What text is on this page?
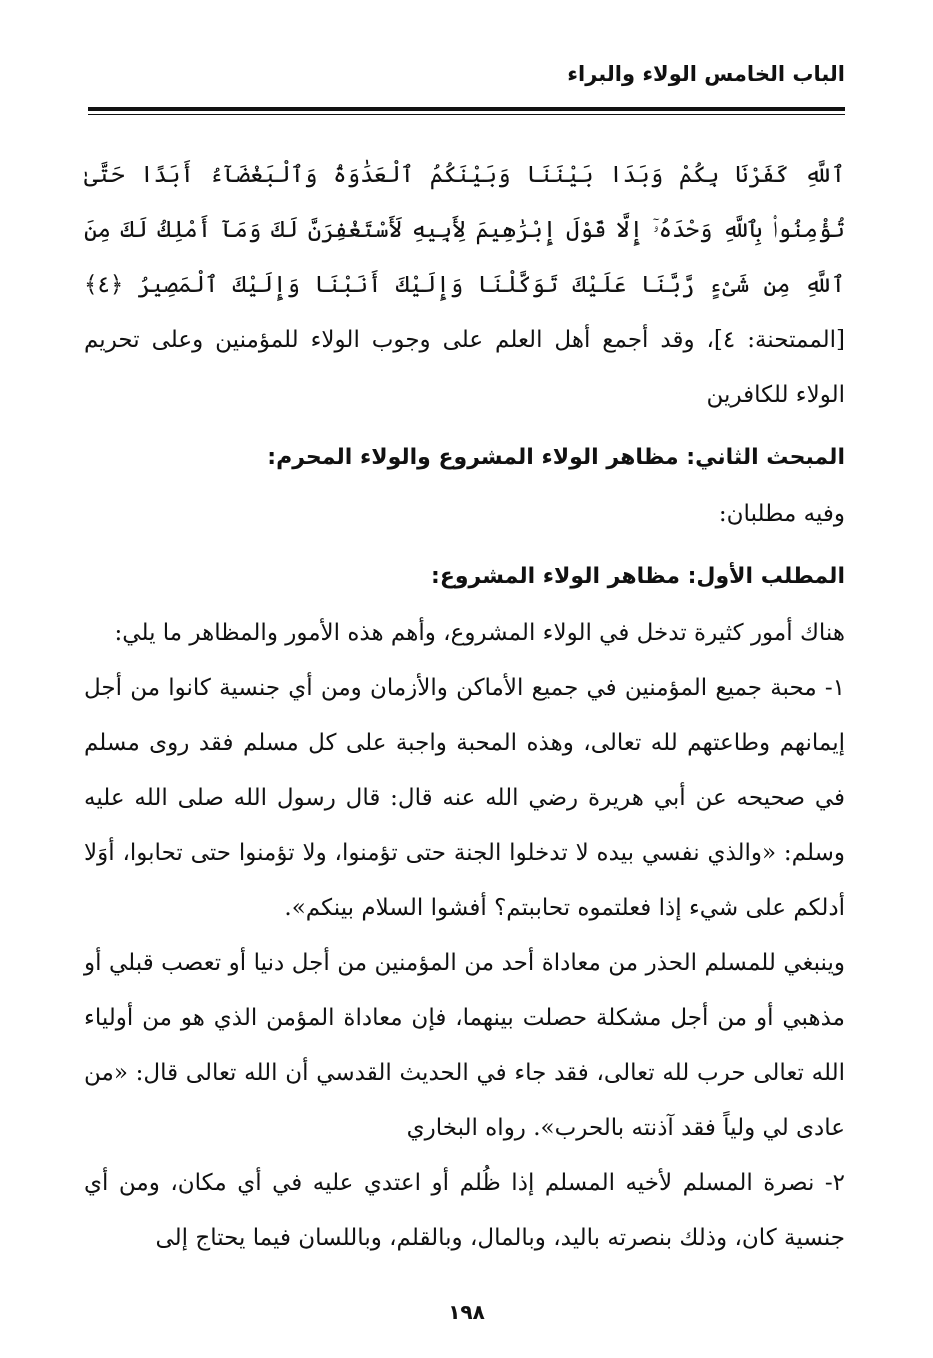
الباب الخامس الولاء والبراء

ٱللَّهِ كَفَرْنَا بِكُمْ وَبَدَا بَيْنَنَا وَبَيْنَكُمُ ٱلْعَدَٰوَةُ وَٱلْبَغْضَآءُ أَبَدًا حَتَّىٰ تُؤْمِنُوا۟ بِٱللَّهِ وَحْدَهُۥٓ إِلَّا قَوْلَ إِبْرَٰهِيمَ لِأَبِيهِ لَأَسْتَغْفِرَنَّ لَكَ وَمَآ أَمْلِكُ لَكَ مِنَ ٱللَّهِ مِن شَىْءٍ رَّبَّنَا عَلَيْكَ تَوَكَّلْنَا وَإِلَيْكَ أَنَبْنَا وَإِلَيْكَ ٱلْمَصِيرُ ﴿٤﴾ [الممتحنة: ٤]، وقد أجمع أهل العلم على وجوب الولاء للمؤمنين وعلى تحريم الولاء للكافرين

المبحث الثاني: مظاهر الولاء المشروع والولاء المحرم:

وفيه مطلبان:

المطلب الأول: مظاهر الولاء المشروع:

هناك أمور كثيرة تدخل في الولاء المشروع، وأهم هذه الأمور والمظاهر ما يلي:

١- محبة جميع المؤمنين في جميع الأماكن والأزمان ومن أي جنسية كانوا من أجل إيمانهم وطاعتهم لله تعالى، وهذه المحبة واجبة على كل مسلم فقد روى مسلم في صحيحه عن أبي هريرة رضي الله عنه قال: قال رسول الله صلى الله عليه وسلم: «والذي نفسي بيده لا تدخلوا الجنة حتى تؤمنوا، ولا تؤمنوا حتى تحابوا، أوَلا أدلكم على شيء إذا فعلتموه تحاببتم؟ أفشوا السلام بينكم».

وينبغي للمسلم الحذر من معاداة أحد من المؤمنين من أجل دنيا أو تعصب قبلي أو مذهبي أو من أجل مشكلة حصلت بينهما، فإن معاداة المؤمن الذي هو من أولياء الله تعالى حرب لله تعالى، فقد جاء في الحديث القدسي أن الله تعالى قال: «من عادى لي ولياً فقد آذنته بالحرب». رواه البخاري

٢- نصرة المسلم لأخيه المسلم إذا ظُلم أو اعتدي عليه في أي مكان، ومن أي جنسية كان، وذلك بنصرته باليد، وبالمال، وبالقلم، وباللسان فيما يحتاج إلى

١٩٨
